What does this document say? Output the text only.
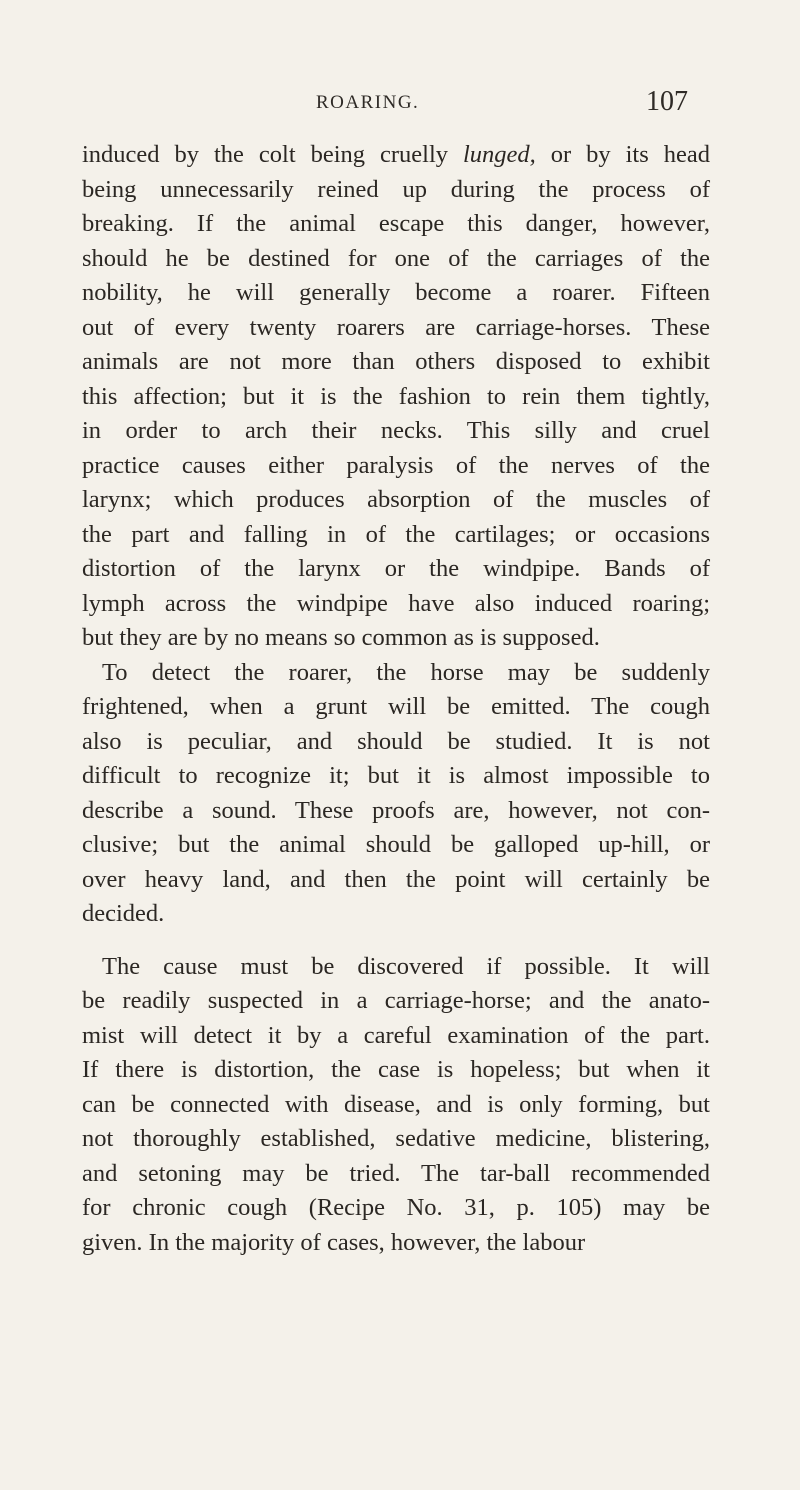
ROARING.	107
induced by the colt being cruelly lunged, or by its head
being unnecessarily reined up during the process of
breaking. If the animal escape this danger, however,
should he be destined for one of the carriages of the
nobility, he will generally become a roarer. Fifteen
out of every twenty roarers are carriage-horses. These
animals are not more than others disposed to exhibit
this affection; but it is the fashion to rein them tightly,
in order to arch their necks. This silly and cruel
practice causes either paralysis of the nerves of the
larynx; which produces absorption of the muscles of
the part and falling in of the cartilages; or occasions
distortion of the larynx or the windpipe. Bands of
lymph across the windpipe have also induced roaring;
but they are by no means so common as is supposed.
To detect the roarer, the horse may be suddenly
frightened, when a grunt will be emitted. The cough
also is peculiar, and should be studied. It is not
difficult to recognize it; but it is almost impossible to
describe a sound. These proofs are, however, not con-
clusive; but the animal should be galloped up-hill, or
over heavy land, and then the point will certainly be
decided.
The cause must be discovered if possible. It will
be readily suspected in a carriage-horse; and the anato-
mist will detect it by a careful examination of the part.
If there is distortion, the case is hopeless; but when it
can be connected with disease, and is only forming, but
not thoroughly established, sedative medicine, blistering,
and setoning may be tried. The tar-ball recommended
for chronic cough (Recipe No. 31, p. 105) may be
given. In the majority of cases, however, the labour
